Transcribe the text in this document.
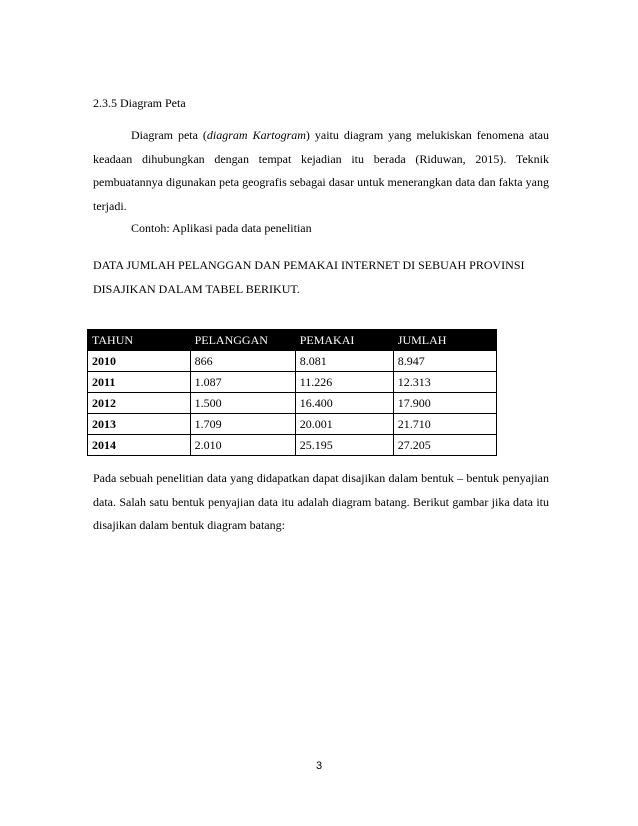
2.3.5 Diagram Peta

Diagram peta (diagram Kartogram) yaitu diagram yang melukiskan fenomena atau keadaan dihubungkan dengan tempat kejadian itu berada (Riduwan, 2015). Teknik pembuatannya digunakan peta geografis sebagai dasar untuk menerangkan data dan fakta yang terjadi.

Contoh: Aplikasi pada data penelitian

DATA JUMLAH PELANGGAN DAN PEMAKAI INTERNET DI SEBUAH PROVINSI DISAJIKAN DALAM TABEL BERIKUT.

TAHUN	PELANGGAN	PEMAKAI	JUMLAH
2010	866	8.081	8.947
2011	1.087	11.226	12.313
2012	1.500	16.400	17.900
2013	1.709	20.001	21.710
2014	2.010	25.195	27.205

Pada sebuah penelitian data yang didapatkan dapat disajikan dalam bentuk – bentuk penyajian data. Salah satu bentuk penyajian data itu adalah diagram batang. Berikut gambar jika data itu disajikan dalam bentuk diagram batang:

3
